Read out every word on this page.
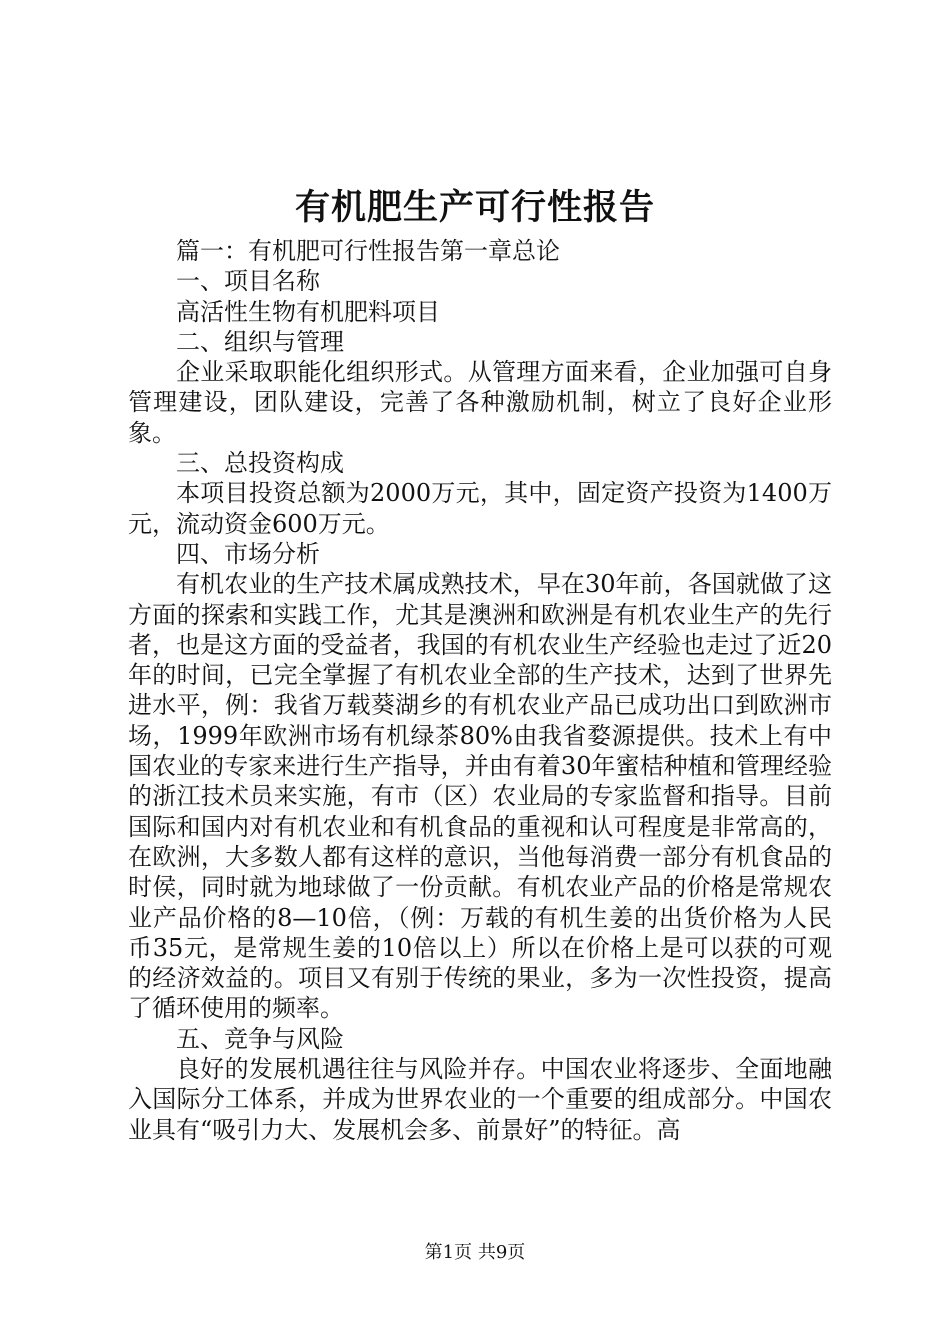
有机肥生产可行性报告

篇一：有机肥可行性报告第一章总论

一、项目名称

高活性生物有机肥料项目

二、组织与管理

企业采取职能化组织形式。从管理方面来看，企业加强可自身管理建设，团队建设，完善了各种激励机制，树立了良好企业形象。

三、总投资构成

本项目投资总额为2000万元，其中，固定资产投资为1400万元，流动资金600万元。

四、市场分析

有机农业的生产技术属成熟技术，早在30年前，各国就做了这方面的探索和实践工作，尤其是澳洲和欧洲是有机农业生产的先行者，也是这方面的受益者，我国的有机农业生产经验也走过了近20年的时间，已完全掌握了有机农业全部的生产技术，达到了世界先进水平，例：我省万载葵湖乡的有机农业产品已成功出口到欧洲市场，1999年欧洲市场有机绿茶80%由我省婺源提供。技术上有中国农业的专家来进行生产指导，并由有着30年蜜桔种植和管理经验的浙江技术员来实施，有市（区）农业局的专家监督和指导。目前国际和国内对有机农业和有机食品的重视和认可程度是非常高的，在欧洲，大多数人都有这样的意识，当他每消费一部分有机食品的时侯，同时就为地球做了一份贡献。有机农业产品的价格是常规农业产品价格的8—10倍，（例：万载的有机生姜的出货价格为人民币35元，是常规生姜的10倍以上）所以在价格上是可以获的可观的经济效益的。项目又有别于传统的果业，多为一次性投资，提高了循环使用的频率。

五、竞争与风险

良好的发展机遇往往与风险并存。中国农业将逐步、全面地融入国际分工体系，并成为世界农业的一个重要的组成部分。中国农业具有“吸引力大、发展机会多、前景好”的特征。高

第1页 共9页
